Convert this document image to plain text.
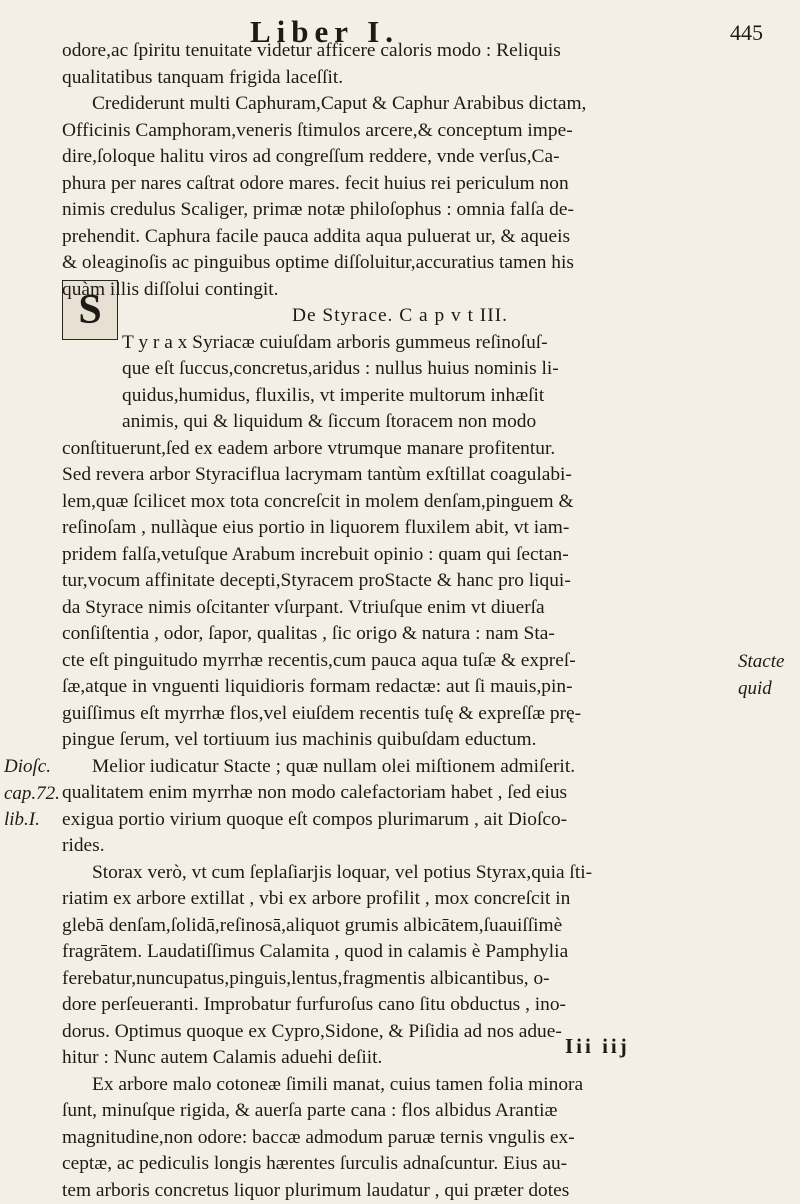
Liber I.	445
S
odore,ac ſpiritu tenuitate videtur afficere caloris modo : Reliquis
qualitatibus tanquam frigida laceſſit.
Crediderunt multi Caphuram,Caput & Caphur Arabibus dictam,
Officinis Camphoram,veneris ſtimulos arcere,& conceptum impe-
dire,ſoloque halitu viros ad congreſſum reddere, vnde verſus,Ca-
phura per nares caſtrat odore mares. fecit huius rei periculum non
nimis credulus Scaliger, primæ notæ philoſophus : omnia falſa de-
prehendit. Caphura facile pauca addita aqua puluerat ur, & aqueis
& oleaginoſis ac pinguibus optime diſſoluitur,accuratius tamen his
quàm illis diſſolui contingit.
De Styrace. C a p v t III.
T y r a x Syriacæ cuiuſdam arboris gummeus reſinoſuſ-
que eſt ſuccus,concretus,aridus : nullus huius nominis li-
quidus,humidus, fluxilis, vt imperite multorum inhæſit
animis, qui & liquidum & ſiccum ſtoracem non modo
conſtituerunt,ſed ex eadem arbore vtrumque manare profitentur.
Sed revera arbor Styraciflua lacrymam tantùm exſtillat coagulabi-
lem,quæ ſcilicet mox tota concreſcit in molem denſam,pinguem &
reſinoſam , nullàque eius portio in liquorem fluxilem abit, vt iam-
pridem falſa,vetuſque Arabum increbuit opinio : quam qui ſectan-
tur,vocum affinitate decepti,Styracem proStacte & hanc pro liqui-
da Styrace nimis oſcitanter vſurpant. Vtriuſque enim vt diuerſa
conſiſtentia , odor, ſapor, qualitas , ſic origo & natura : nam Sta-
cte eſt pinguitudo myrrhæ recentis,cum pauca aqua tuſæ & expreſ-
ſæ,atque in vnguenti liquidioris formam redactæ: aut ſi mauis,pin-
guiſſimus eſt myrrhæ flos,vel eiuſdem recentis tuſę & expreſſæ prę-
pingue ſerum, vel tortiuum ius machinis quibuſdam eductum.
Melior iudicatur Stacte ; quæ nullam olei miſtionem admiſerit.
qualitatem enim myrrhæ non modo calefactoriam habet , ſed eius
exigua portio virium quoque eſt compos plurimarum , ait Dioſco-
rides.
Storax verò, vt cum ſeplaſiarjis loquar, vel potius Styrax,quia ſti-
riatim ex arbore extillat , vbi ex arbore profilit , mox concreſcit in
glebā denſam,ſolidā,reſinosā,aliquot grumis albicātem,ſuauiſſimè
fragrātem. Laudatiſſimus Calamita , quod in calamis è Pamphylia
ferebatur,nuncupatus,pinguis,lentus,fragmentis albicantibus, o-
dore perſeueranti. Improbatur furfuroſus cano ſitu obductus , ino-
dorus. Optimus quoque ex Cypro,Sidone, & Piſidia ad nos adue-
hitur : Nunc autem Calamis aduehi deſiit.
Ex arbore malo cotoneæ ſimili manat, cuius tamen folia minora
ſunt, minuſque rigida, & auerſa parte cana : flos albidus Arantiæ
magnitudine,non odore: baccæ admodum paruæ ternis vngulis ex-
ceptæ, ac pediculis longis hærentes ſurculis adnaſcuntur. Eius au-
tem arboris concretus liquor plurimum laudatur , qui præter dotes
Dioſc.
cap.72.
lib.I.
Stacte quid
Iii iij
